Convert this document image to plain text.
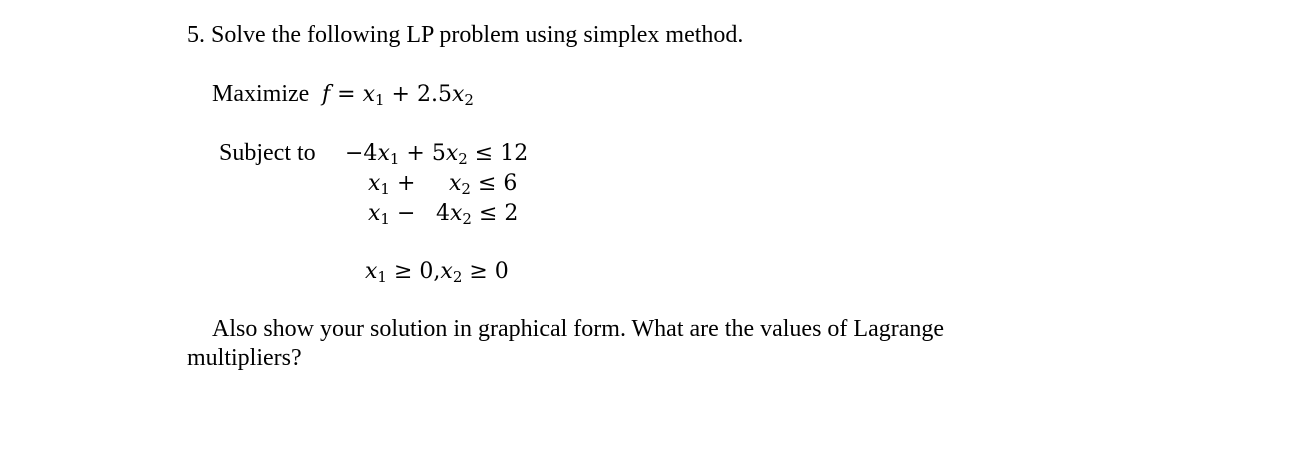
5. Solve the following LP problem using simplex method.
Maximize $f = x_1 + 2.5x_2$
Subject to $-4x_1 + 5x_2 \le 12$
$x_1 + x_2 \le 6$
$x_1 - 4x_2 \le 2$
$x_1 \ge 0,x_2 \ge 0$
Also show your solution in graphical form. What are the values of Lagrange
multipliers?
